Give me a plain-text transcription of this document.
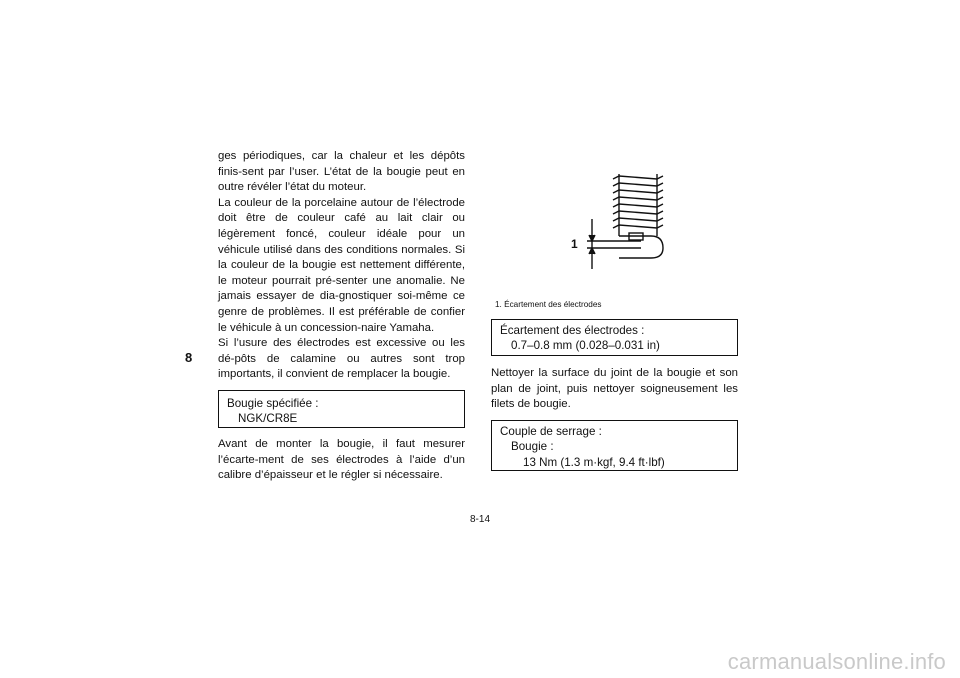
8

ges périodiques, car la chaleur et les dépôts finis-sent par l’user. L’état de la bougie peut en outre révéler l’état du moteur.

La couleur de la porcelaine autour de l’électrode doit être de couleur café au lait clair ou légèrement foncé, couleur idéale pour un véhicule utilisé dans des conditions normales. Si la couleur de la bougie est nettement différente, le moteur pourrait pré-senter une anomalie. Ne jamais essayer de dia-gnostiquer soi-même ce genre de problèmes. Il est préférable de confier le véhicule à un concession-naire Yamaha.

Si l’usure des électrodes est excessive ou les dé-pôts de calamine ou autres sont trop importants, il convient de remplacer la bougie.

Bougie spécifiée :
NGK/CR8E

Avant de monter la bougie, il faut mesurer l’écarte-ment de ses électrodes à l’aide d’un calibre d’épaisseur et le régler si nécessaire.

1
1. Écartement des électrodes
Écartement des électrodes :
0.7–0.8 mm (0.028–0.031 in)

Nettoyer la surface du joint de la bougie et son plan de joint, puis nettoyer soigneusement les filets de bougie.

Couple de serrage :
Bougie :
13 Nm (1.3 m·kgf, 9.4 ft·lbf)
8-14
carmanualsonline.info
